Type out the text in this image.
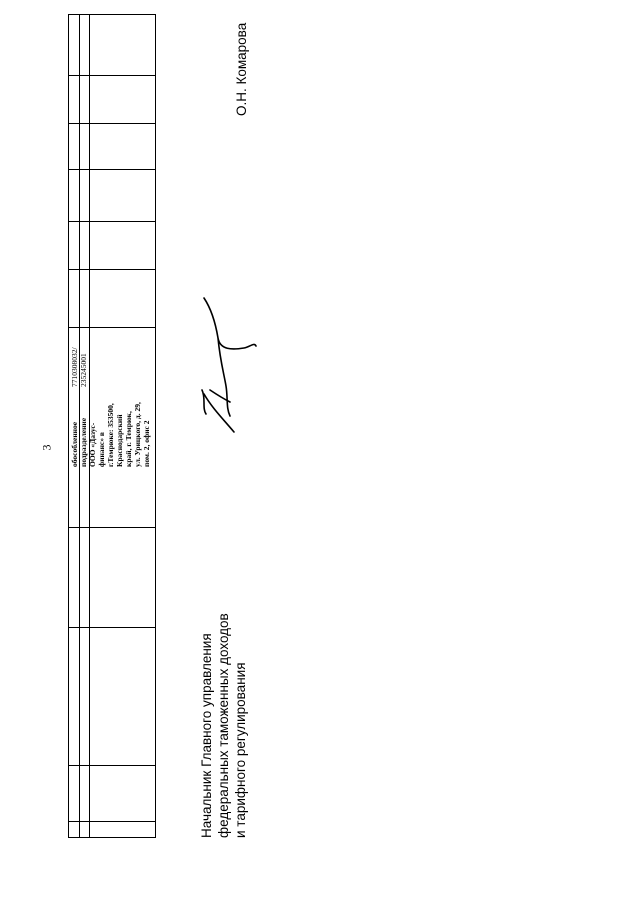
3 обособленное подразделение ООО «Дазус- финанс» в г.Темрюке: 353500, Краснодарский край, г. Темрюк, ул. Урицкого, д. 29, пом. 2, офис 2
7710308032/ 235245001
Начальник Главного управления федеральных таможенных доходов и тарифного регулирования
О.Н. Комарова
